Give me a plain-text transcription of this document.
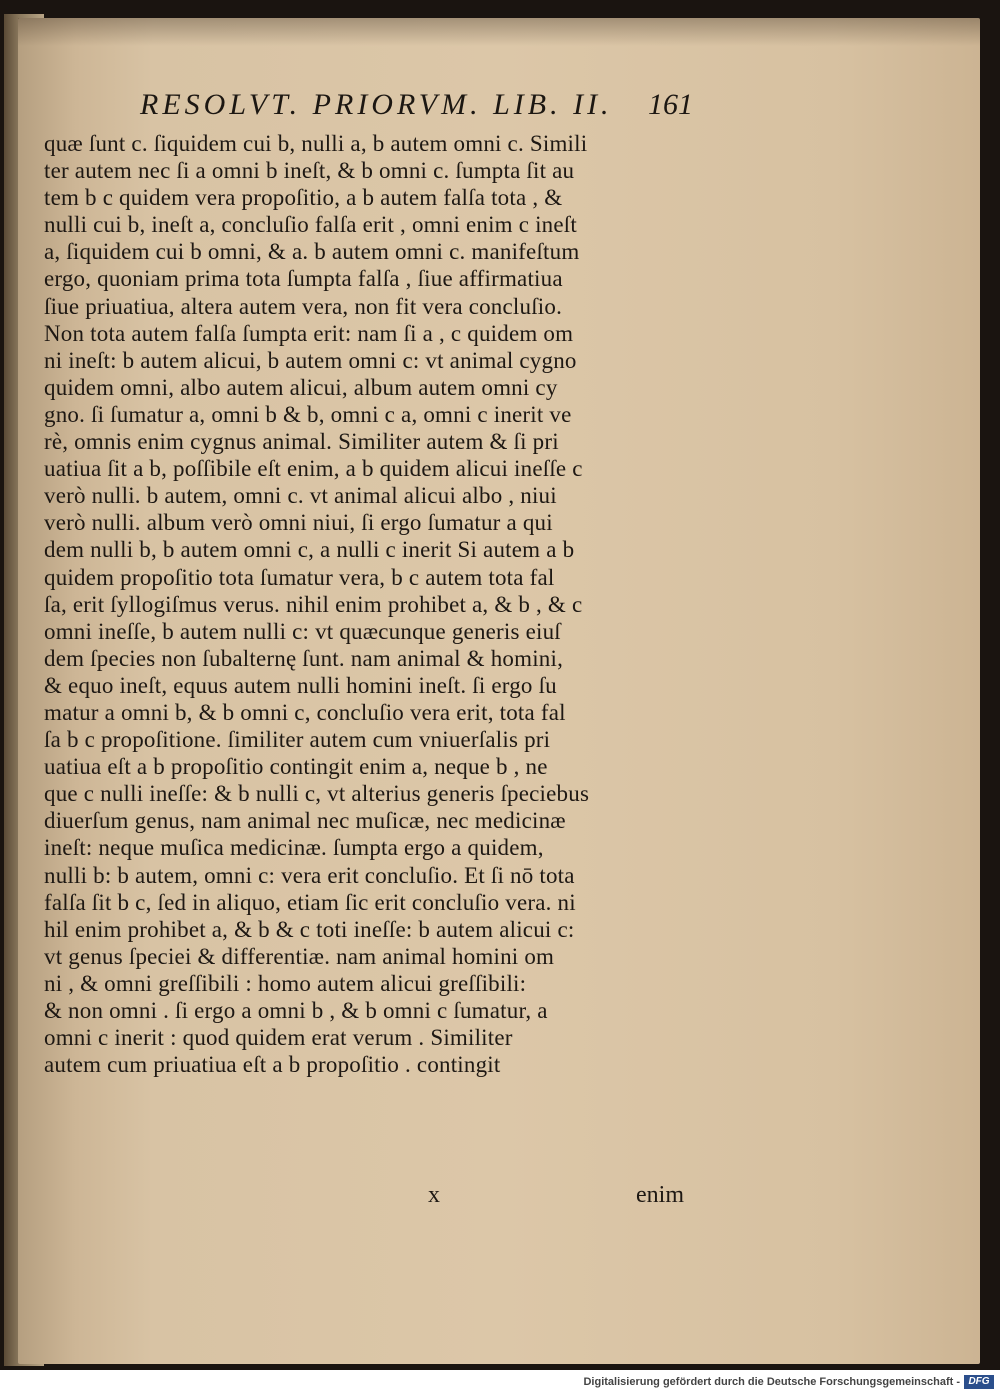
RESOLVT. PRIORVM. LIB. II. 161
quæ ſunt c. ſiquidem cui b, nulli a, b autem omni c. Simili
ter autem nec ſi a omni b ineſt, & b omni c. ſumpta ſit au
tem b c quidem vera propoſitio, a b autem falſa tota , &
nulli cui b, ineſt a, concluſio falſa erit , omni enim c ineſt
a, ſiquidem cui b omni, & a. b autem omni c. manifeſtum
ergo, quoniam prima tota ſumpta falſa , ſiue affirmatiua
ſiue priuatiua, altera autem vera, non fit vera concluſio.
Non tota autem falſa ſumpta erit: nam ſi a , c quidem om
ni ineſt: b autem alicui, b autem omni c: vt animal cygno
quidem omni, albo autem alicui, album autem omni cy
gno. ſi ſumatur a, omni b & b, omni c a, omni c inerit ve
rè, omnis enim cygnus animal. Similiter autem & ſi pri
uatiua ſit a b, poſſibile eſt enim, a b quidem alicui ineſſe c
verò nulli. b autem, omni c. vt animal alicui albo , niui
verò nulli. album verò omni niui, ſi ergo ſumatur a qui
dem nulli b, b autem omni c, a nulli c inerit Si autem a b
quidem propoſitio tota ſumatur vera, b c autem tota fal
ſa, erit ſyllogiſmus verus. nihil enim prohibet a, & b , & c
omni ineſſe, b autem nulli c: vt quæcunque generis eiuſ
dem ſpecies non ſubalternę ſunt. nam animal & homini,
& equo ineſt, equus autem nulli homini ineſt. ſi ergo ſu
matur a omni b, & b omni c, concluſio vera erit, tota fal
ſa b c propoſitione. ſimiliter autem cum vniuerſalis pri
uatiua eſt a b propoſitio contingit enim a, neque b , ne
que c nulli ineſſe: & b nulli c, vt alterius generis ſpeciebus
diuerſum genus, nam animal nec muſicæ, nec medicinæ
ineſt: neque muſica medicinæ. ſumpta ergo a quidem,
nulli b: b autem, omni c: vera erit concluſio. Et ſi nō tota
falſa ſit b c, ſed in aliquo, etiam ſic erit concluſio vera. ni
hil enim prohibet a, & b & c toti ineſſe: b autem alicui c:
vt genus ſpeciei & differentiæ. nam animal homini om
ni , & omni greſſibili : homo autem alicui greſſibili:
& non omni . ſi ergo a omni b , & b omni c ſumatur, a
omni c inerit : quod quidem erat verum . Similiter
autem cum priuatiua eſt a b propoſitio . contingit
x	enim
Digitalisierung gefördert durch die Deutsche Forschungsgemeinschaft - DFG
